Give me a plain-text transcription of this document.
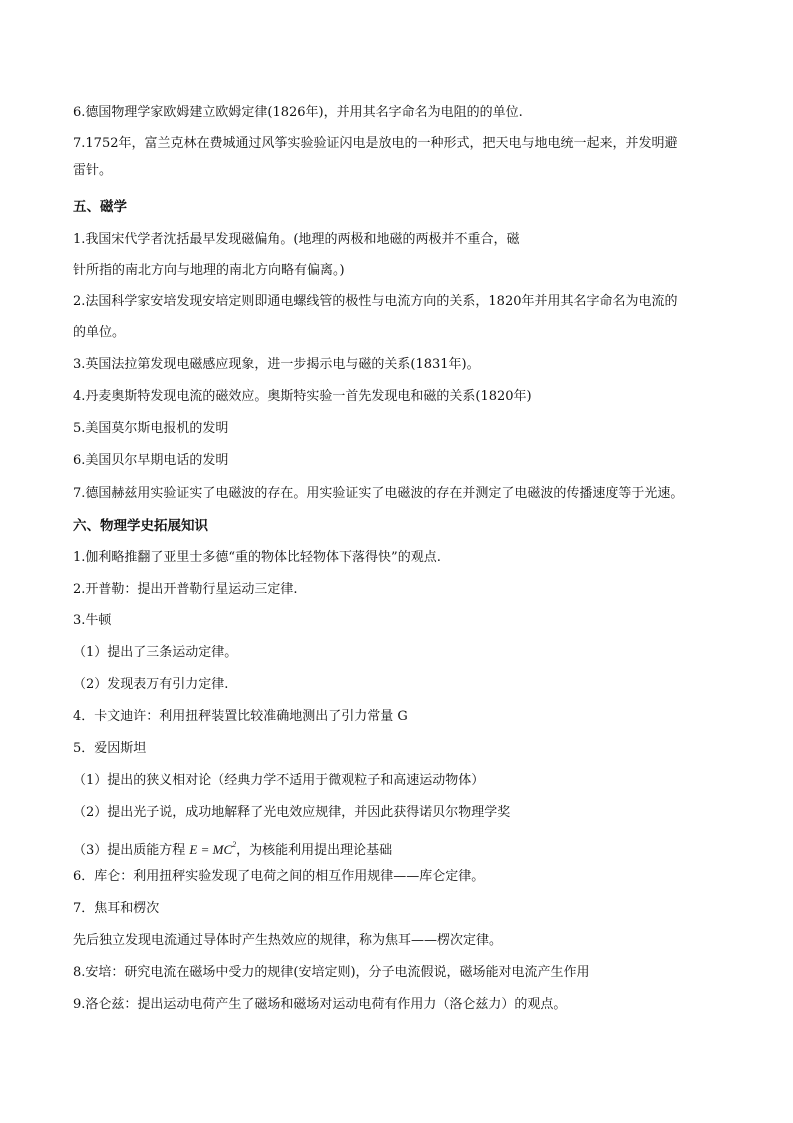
6.德国物理学家欧姆建立欧姆定律(1826年)，并用其名字命名为电阻的的单位.
7.1752年，富兰克林在费城通过风筝实验验证闪电是放电的一种形式，把天电与地电统一起来，并发明避
雷针。
五、磁学
1.我国宋代学者沈括最早发现磁偏角。(地理的两极和地磁的两极并不重合，磁
针所指的南北方向与地理的南北方向略有偏离。)
2.法国科学家安培发现安培定则即通电螺线管的极性与电流方向的关系，1820年并用其名字命名为电流的
的单位。
3.英国法拉第发现电磁感应现象，进一步揭示电与磁的关系(1831年)。
4.丹麦奥斯特发现电流的磁效应。奥斯特实验一首先发现电和磁的关系(1820年)
5.美国莫尔斯电报机的发明
6.美国贝尔早期电话的发明
7.德国赫兹用实验证实了电磁波的存在。用实验证实了电磁波的存在并测定了电磁波的传播速度等于光速。
六、物理学史拓展知识
1.伽利略推翻了亚里士多德“重的物体比轻物体下落得快”的观点.
2.开普勒：提出开普勒行星运动三定律.
3.牛顿
（1）提出了三条运动定律。
（2）发现表万有引力定律.
4．卡文迪许：利用扭秤装置比较准确地测出了引力常量 G
5．爱因斯坦
（1）提出的狭义相对论（经典力学不适用于微观粒子和高速运动物体）
（2）提出光子说，成功地解释了光电效应规律，并因此获得诺贝尔物理学奖
（3）提出质能方程 $E = MC^2$，为核能利用提出理论基础
6．库仑：利用扭秤实验发现了电荷之间的相互作用规律——库仑定律。
7．焦耳和楞次
先后独立发现电流通过导体时产生热效应的规律，称为焦耳——楞次定律。
8.安培：研究电流在磁场中受力的规律(安培定则)，分子电流假说，磁场能对电流产生作用
9.洛仑兹：提出运动电荷产生了磁场和磁场对运动电荷有作用力（洛仑兹力）的观点。
